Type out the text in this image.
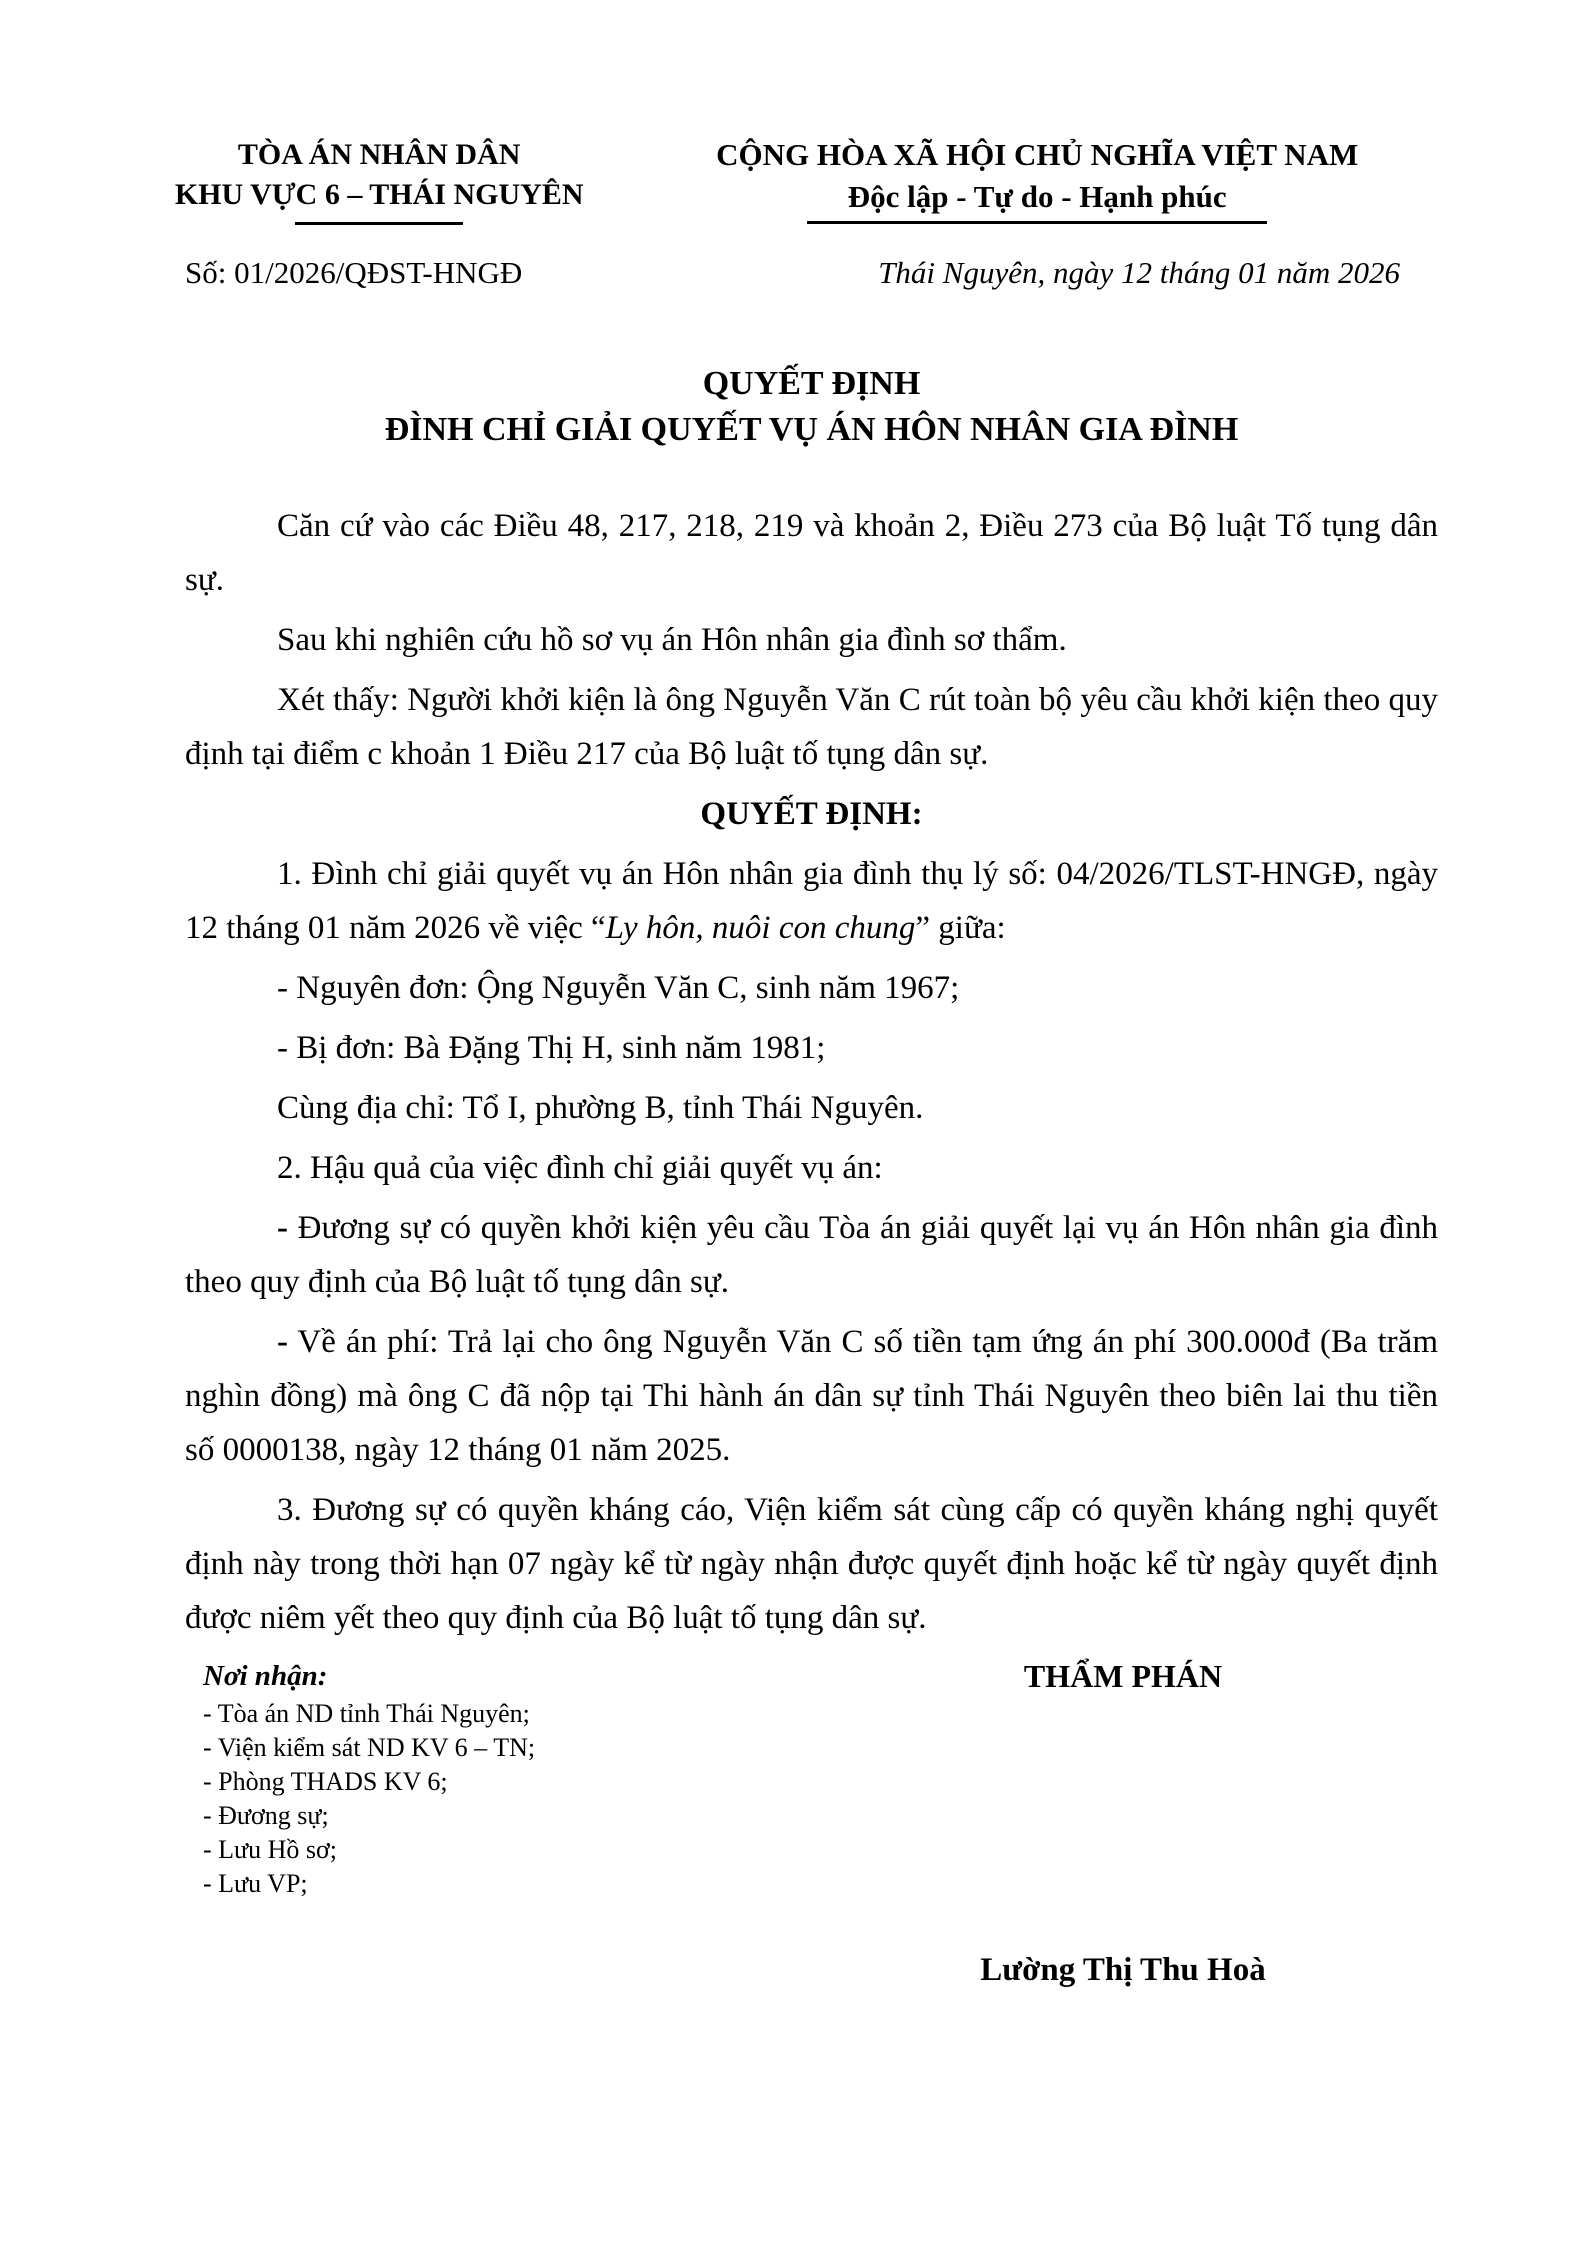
TÒA ÁN NHÂN DÂN
KHU VỰC 6 – THÁI NGUYÊN
CỘNG HÒA XÃ HỘI CHỦ NGHĨA VIỆT NAM
Độc lập - Tự do - Hạnh phúc
Số: 01/2026/QĐST-HNGĐ	Thái Nguyên, ngày 12 tháng 01 năm 2026
QUYẾT ĐỊNH
ĐÌNH CHỈ GIẢI QUYẾT VỤ ÁN HÔN NHÂN GIA ĐÌNH

Căn cứ vào các Điều 48, 217, 218, 219 và khoản 2, Điều 273 của Bộ luật Tố tụng dân sự.

Sau khi nghiên cứu hồ sơ vụ án Hôn nhân gia đình sơ thẩm.

Xét thấy: Người khởi kiện là ông Nguyễn Văn C rút toàn bộ yêu cầu khởi kiện theo quy định tại điểm c khoản 1 Điều 217 của Bộ luật tố tụng dân sự.

QUYẾT ĐỊNH:

1. Đình chỉ giải quyết vụ án Hôn nhân gia đình thụ lý số: 04/2026/TLST-HNGĐ, ngày 12 tháng 01 năm 2026 về việc “Ly hôn, nuôi con chung” giữa:

- Nguyên đơn: Ộng Nguyễn Văn C, sinh năm 1967;

- Bị đơn: Bà Đặng Thị H, sinh năm 1981;

Cùng địa chỉ: Tổ I, phường B, tỉnh Thái Nguyên.

2. Hậu quả của việc đình chỉ giải quyết vụ án:

- Đương sự có quyền khởi kiện yêu cầu Tòa án giải quyết lại vụ án Hôn nhân gia đình theo quy định của Bộ luật tố tụng dân sự.

- Về án phí: Trả lại cho ông Nguyễn Văn C số tiền tạm ứng án phí 300.000đ (Ba trăm nghìn đồng) mà ông C đã nộp tại Thi hành án dân sự tỉnh Thái Nguyên theo biên lai thu tiền số 0000138, ngày 12 tháng 01 năm 2025.

3. Đương sự có quyền kháng cáo, Viện kiểm sát cùng cấp có quyền kháng nghị quyết định này trong thời hạn 07 ngày kể từ ngày nhận được quyết định hoặc kể từ ngày quyết định được niêm yết theo quy định của Bộ luật tố tụng dân sự.

Nơi nhận:
- Tòa án ND tỉnh Thái Nguyên;
- Viện kiểm sát ND KV 6 – TN;
- Phòng THADS KV 6;
- Đương sự;
- Lưu Hồ sơ;
- Lưu VP;
THẨM PHÁN
Lường Thị Thu Hoà
